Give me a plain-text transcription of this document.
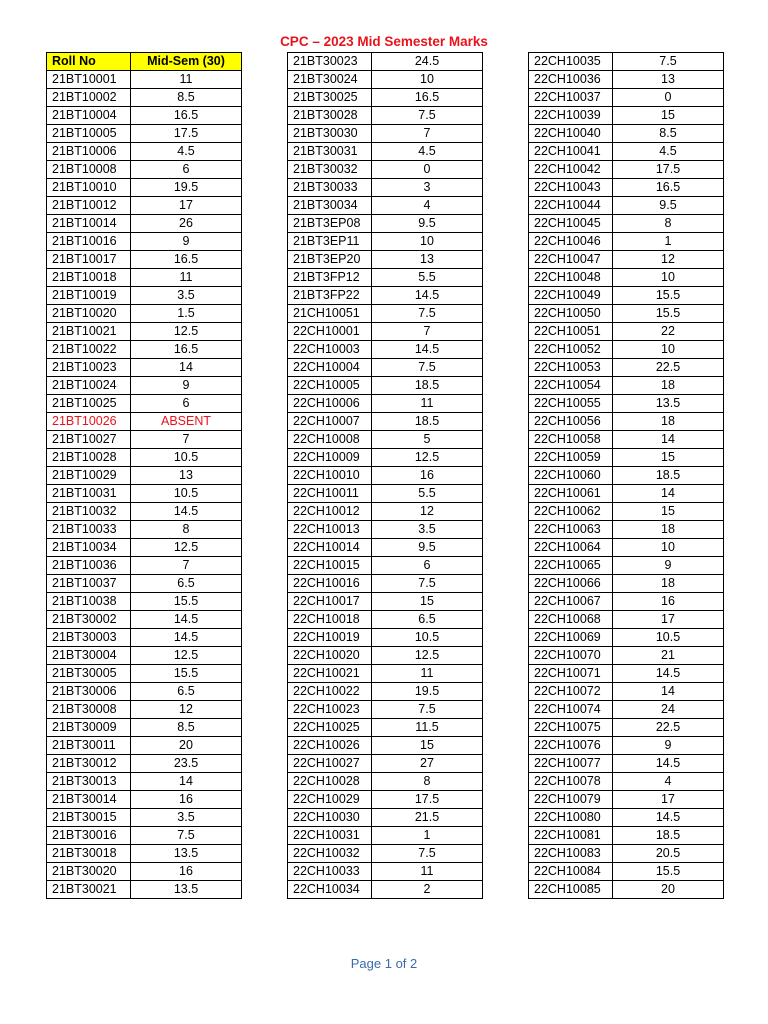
CPC – 2023 Mid Semester Marks
Roll No	Mid-Sem (30)
21BT10001	11
21BT10002	8.5
21BT10004	16.5
21BT10005	17.5
21BT10006	4.5
21BT10008	6
21BT10010	19.5
21BT10012	17
21BT10014	26
21BT10016	9
21BT10017	16.5
21BT10018	11
21BT10019	3.5
21BT10020	1.5
21BT10021	12.5
21BT10022	16.5
21BT10023	14
21BT10024	9
21BT10025	6
21BT10026	ABSENT
21BT10027	7
21BT10028	10.5
21BT10029	13
21BT10031	10.5
21BT10032	14.5
21BT10033	8
21BT10034	12.5
21BT10036	7
21BT10037	6.5
21BT10038	15.5
21BT30002	14.5
21BT30003	14.5
21BT30004	12.5
21BT30005	15.5
21BT30006	6.5
21BT30008	12
21BT30009	8.5
21BT30011	20
21BT30012	23.5
21BT30013	14
21BT30014	16
21BT30015	3.5
21BT30016	7.5
21BT30018	13.5
21BT30020	16
21BT30021	13.5
21BT30023	24.5
21BT30024	10
21BT30025	16.5
21BT30028	7.5
21BT30030	7
21BT30031	4.5
21BT30032	0
21BT30033	3
21BT30034	4
21BT3EP08	9.5
21BT3EP11	10
21BT3EP20	13
21BT3FP12	5.5
21BT3FP22	14.5
21CH10051	7.5
22CH10001	7
22CH10003	14.5
22CH10004	7.5
22CH10005	18.5
22CH10006	11
22CH10007	18.5
22CH10008	5
22CH10009	12.5
22CH10010	16
22CH10011	5.5
22CH10012	12
22CH10013	3.5
22CH10014	9.5
22CH10015	6
22CH10016	7.5
22CH10017	15
22CH10018	6.5
22CH10019	10.5
22CH10020	12.5
22CH10021	11
22CH10022	19.5
22CH10023	7.5
22CH10025	11.5
22CH10026	15
22CH10027	27
22CH10028	8
22CH10029	17.5
22CH10030	21.5
22CH10031	1
22CH10032	7.5
22CH10033	11
22CH10034	2
22CH10035	7.5
22CH10036	13
22CH10037	0
22CH10039	15
22CH10040	8.5
22CH10041	4.5
22CH10042	17.5
22CH10043	16.5
22CH10044	9.5
22CH10045	8
22CH10046	1
22CH10047	12
22CH10048	10
22CH10049	15.5
22CH10050	15.5
22CH10051	22
22CH10052	10
22CH10053	22.5
22CH10054	18
22CH10055	13.5
22CH10056	18
22CH10058	14
22CH10059	15
22CH10060	18.5
22CH10061	14
22CH10062	15
22CH10063	18
22CH10064	10
22CH10065	9
22CH10066	18
22CH10067	16
22CH10068	17
22CH10069	10.5
22CH10070	21
22CH10071	14.5
22CH10072	14
22CH10074	24
22CH10075	22.5
22CH10076	9
22CH10077	14.5
22CH10078	4
22CH10079	17
22CH10080	14.5
22CH10081	18.5
22CH10083	20.5
22CH10084	15.5
22CH10085	20
Page 1 of 2
